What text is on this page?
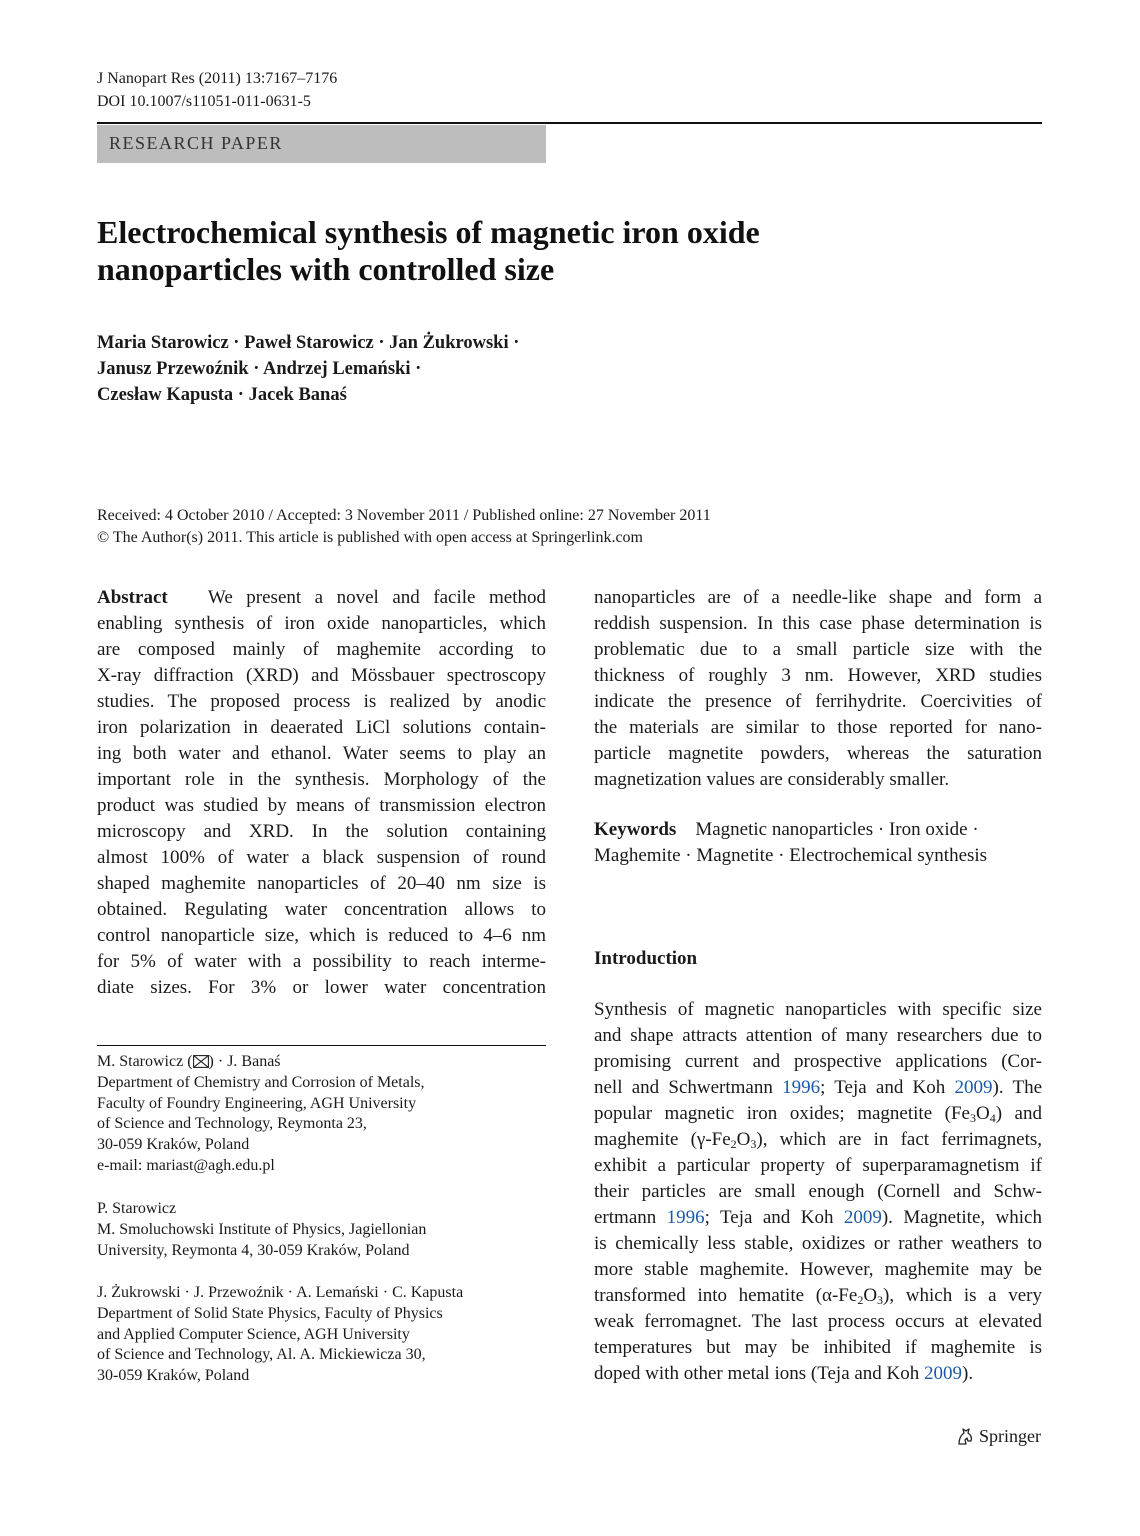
J Nanopart Res (2011) 13:7167–7176
DOI 10.1007/s11051-011-0631-5
RESEARCH PAPER
Electrochemical synthesis of magnetic iron oxide
nanoparticles with controlled size
Maria Starowicz · Paweł Starowicz · Jan Żukrowski ·
Janusz Przewoźnik · Andrzej Lemański ·
Czesław Kapusta · Jacek Banaś
Received: 4 October 2010 / Accepted: 3 November 2011 / Published online: 27 November 2011
© The Author(s) 2011. This article is published with open access at Springerlink.com
Abstract We present a novel and facile method
enabling synthesis of iron oxide nanoparticles, which
are composed mainly of maghemite according to
X-ray diffraction (XRD) and Mössbauer spectroscopy
studies. The proposed process is realized by anodic
iron polarization in deaerated LiCl solutions contain-
ing both water and ethanol. Water seems to play an
important role in the synthesis. Morphology of the
product was studied by means of transmission electron
microscopy and XRD. In the solution containing
almost 100% of water a black suspension of round
shaped maghemite nanoparticles of 20–40 nm size is
obtained. Regulating water concentration allows to
control nanoparticle size, which is reduced to 4–6 nm
for 5% of water with a possibility to reach interme-
diate sizes. For 3% or lower water concentration
nanoparticles are of a needle-like shape and form a
reddish suspension. In this case phase determination is
problematic due to a small particle size with the
thickness of roughly 3 nm. However, XRD studies
indicate the presence of ferrihydrite. Coercivities of
the materials are similar to those reported for nano-
particle magnetite powders, whereas the saturation
magnetization values are considerably smaller.
Keywords Magnetic nanoparticles · Iron oxide ·
Maghemite · Magnetite · Electrochemical synthesis
Introduction
Synthesis of magnetic nanoparticles with specific size
and shape attracts attention of many researchers due to
promising current and prospective applications (Cor-
nell and Schwertmann 1996; Teja and Koh 2009). The
popular magnetic iron oxides; magnetite $(Fe_3O_4)$ and
maghemite $(\gamma-Fe_2O_3)$, which are in fact ferrimagnets,
exhibit a particular property of superparamagnetism if
their particles are small enough (Cornell and Schw-
ertmann 1996; Teja and Koh 2009). Magnetite, which
is chemically less stable, oxidizes or rather weathers to
more stable maghemite. However, maghemite may be
transformed into hematite $(\alpha-Fe_2O_3)$, which is a very
weak ferromagnet. The last process occurs at elevated
temperatures but may be inhibited if maghemite is
doped with other metal ions (Teja and Koh 2009).
M. Starowicz ( ) · J. Banaś
Department of Chemistry and Corrosion of Metals,
Faculty of Foundry Engineering, AGH University
of Science and Technology, Reymonta 23,
30-059 Kraków, Poland
e-mail: mariast@agh.edu.pl
P. Starowicz
M. Smoluchowski Institute of Physics, Jagiellonian
University, Reymonta 4, 30-059 Kraków, Poland
J. Żukrowski · J. Przewoźnik · A. Lemański · C. Kapusta
Department of Solid State Physics, Faculty of Physics
and Applied Computer Science, AGH University
of Science and Technology, Al. A. Mickiewicza 30,
30-059 Kraków, Poland
Springer
